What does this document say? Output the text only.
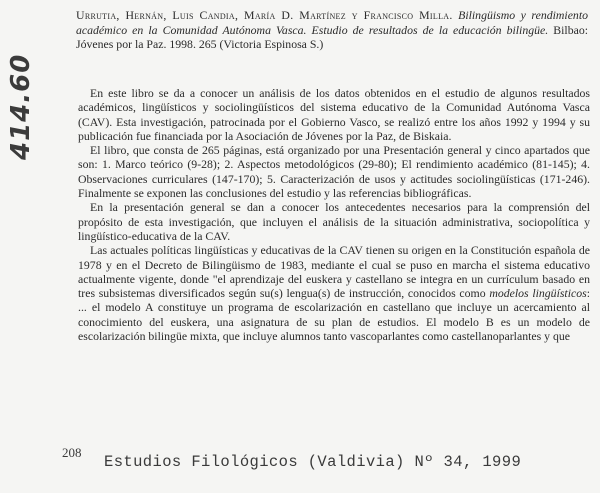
414.60
Urrutia, Hernán, Luis Candia, María D. Martínez y Francisco Milla. Bilingüismo y rendimiento académico en la Comunidad Autónoma Vasca. Estudio de resultados de la educación bilingüe. Bilbao: Jóvenes por la Paz. 1998. 265 (Victoria Espinosa S.)

En este libro se da a conocer un análisis de los datos obtenidos en el estudio de algunos resultados académicos, lingüísticos y sociolingüísticos del sistema educativo de la Comunidad Autónoma Vasca (CAV). Esta investigación, patrocinada por el Gobierno Vasco, se realizó entre los años 1992 y 1994 y su publicación fue financiada por la Asociación de Jóvenes por la Paz, de Biskaia.

El libro, que consta de 265 páginas, está organizado por una Presentación general y cinco apartados que son: 1. Marco teórico (9-28); 2. Aspectos metodológicos (29-80); El rendimiento académico (81-145); 4. Observaciones curriculares (147-170); 5. Caracterización de usos y actitudes sociolingüísticas (171-246). Finalmente se exponen las conclusiones del estudio y las referencias bibliográficas.

En la presentación general se dan a conocer los antecedentes necesarios para la comprensión del propósito de esta investigación, que incluyen el análisis de la situación administrativa, sociopolítica y lingüístico-educativa de la CAV.

Las actuales políticas lingüísticas y educativas de la CAV tienen su origen en la Constitución española de 1978 y en el Decreto de Bilingüismo de 1983, mediante el cual se puso en marcha el sistema educativo actualmente vigente, donde "el aprendizaje del euskera y castellano se integra en un currículum basado en tres subsistemas diversificados según su(s) lengua(s) de instrucción, conocidos como modelos lingüísticos: ... el modelo A constituye un programa de escolarización en castellano que incluye un acercamiento al conocimiento del euskera, una asignatura de su plan de estudios. El modelo B es un modelo de escolarización bilingüe mixta, que incluye alumnos tanto vascoparlantes como castellanoparlantes y que

208
Estudios Filológicos (Valdivia) Nº 34, 1999
